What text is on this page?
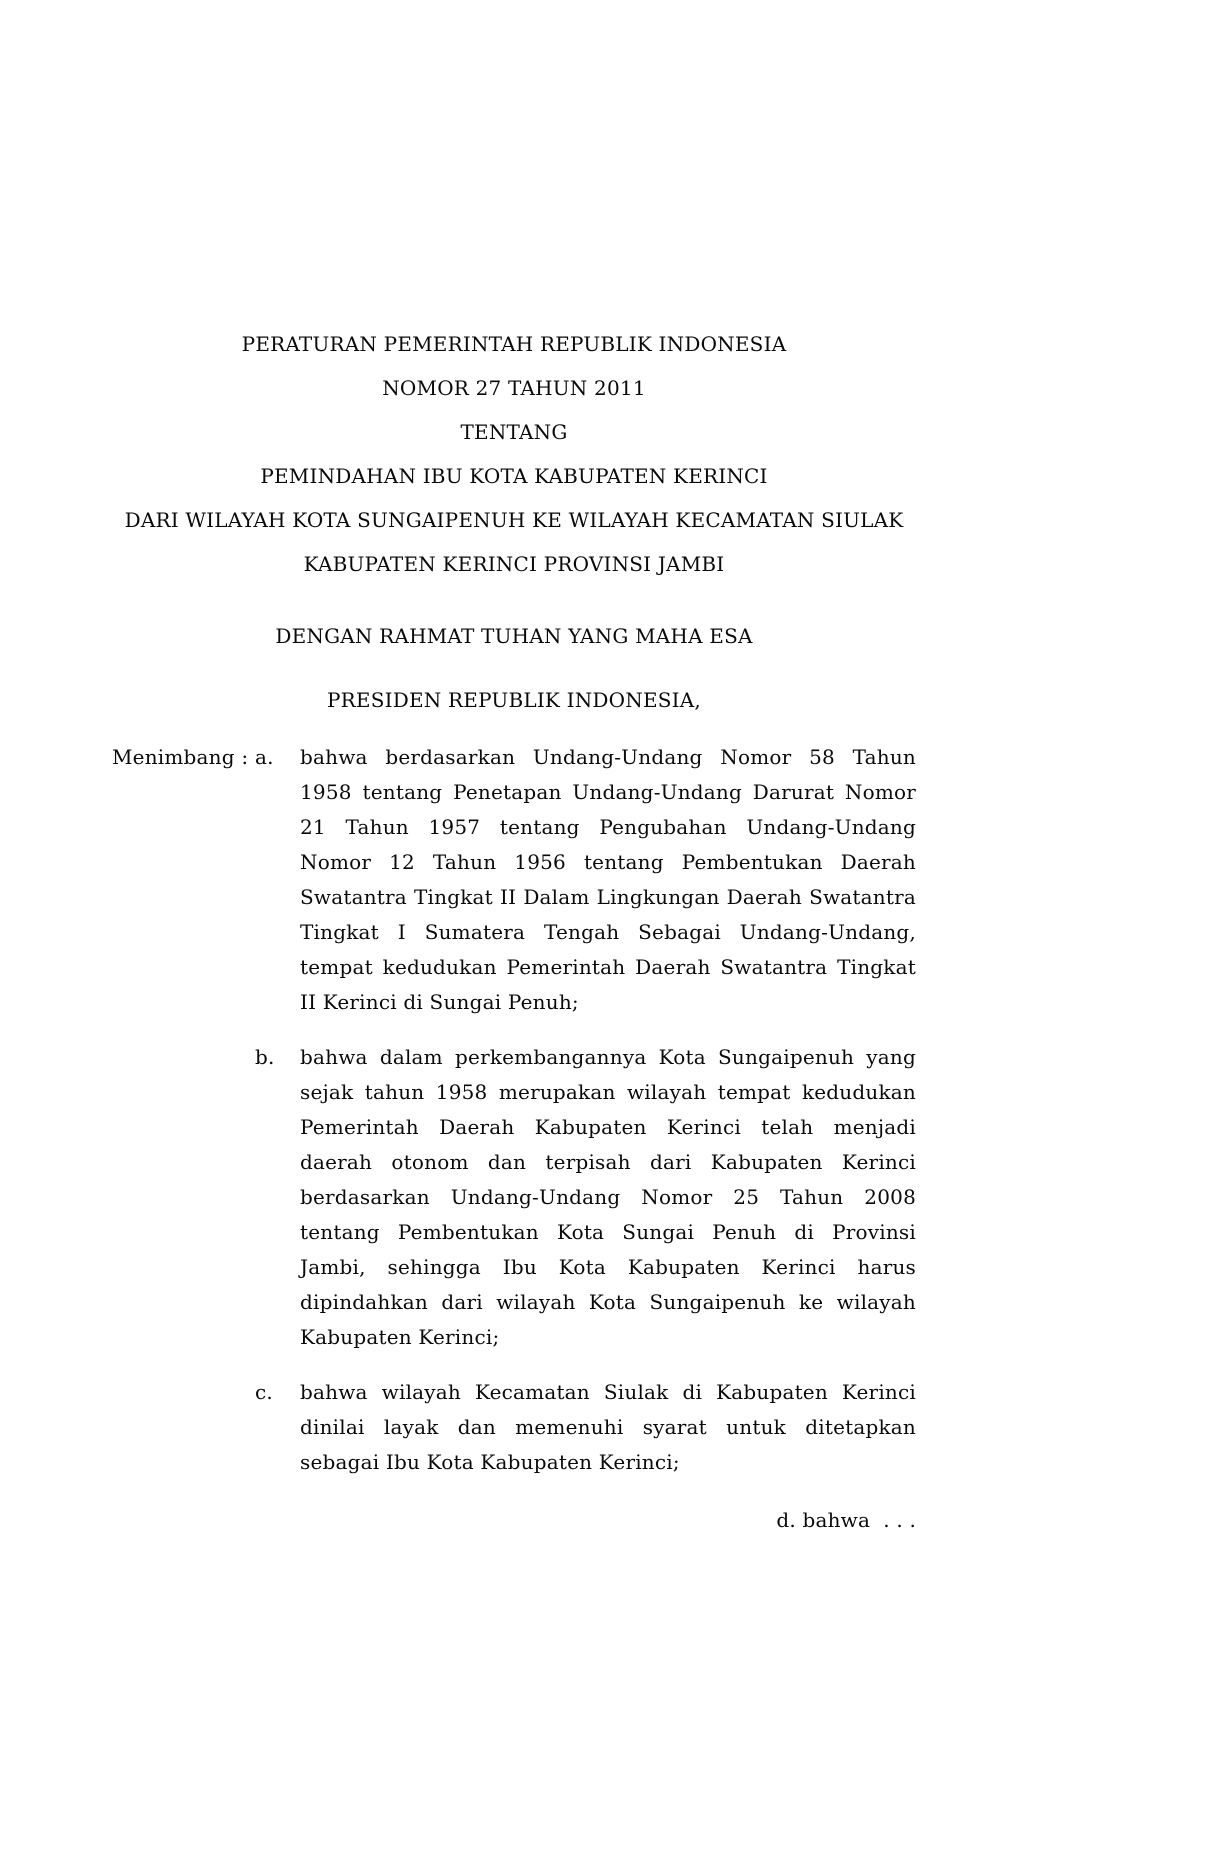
PERATURAN PEMERINTAH REPUBLIK INDONESIA
NOMOR 27 TAHUN 2011
TENTANG
PEMINDAHAN IBU KOTA KABUPATEN KERINCI
DARI WILAYAH KOTA SUNGAIPENUH KE WILAYAH KECAMATAN SIULAK
KABUPATEN KERINCI PROVINSI JAMBI
DENGAN RAHMAT TUHAN YANG MAHA ESA
PRESIDEN REPUBLIK INDONESIA,
Menimbang : a.	bahwa berdasarkan Undang-Undang Nomor 58 Tahun 1958 tentang Penetapan Undang-Undang Darurat Nomor 21 Tahun 1957 tentang Pengubahan Undang-Undang Nomor 12 Tahun 1956 tentang Pembentukan Daerah Swatantra Tingkat II Dalam Lingkungan Daerah Swatantra Tingkat I Sumatera Tengah Sebagai Undang-Undang, tempat kedudukan Pemerintah Daerah Swatantra Tingkat II Kerinci di Sungai Penuh;
b.	bahwa dalam perkembangannya Kota Sungaipenuh yang sejak tahun 1958 merupakan wilayah tempat kedudukan Pemerintah Daerah Kabupaten Kerinci telah menjadi daerah otonom dan terpisah dari Kabupaten Kerinci berdasarkan Undang-Undang Nomor 25 Tahun 2008 tentang Pembentukan Kota Sungai Penuh di Provinsi Jambi, sehingga Ibu Kota Kabupaten Kerinci harus dipindahkan dari wilayah Kota Sungaipenuh ke wilayah Kabupaten Kerinci;
c.	bahwa wilayah Kecamatan Siulak di Kabupaten Kerinci dinilai layak dan memenuhi syarat untuk ditetapkan sebagai Ibu Kota Kabupaten Kerinci;
d. bahwa  . . .
